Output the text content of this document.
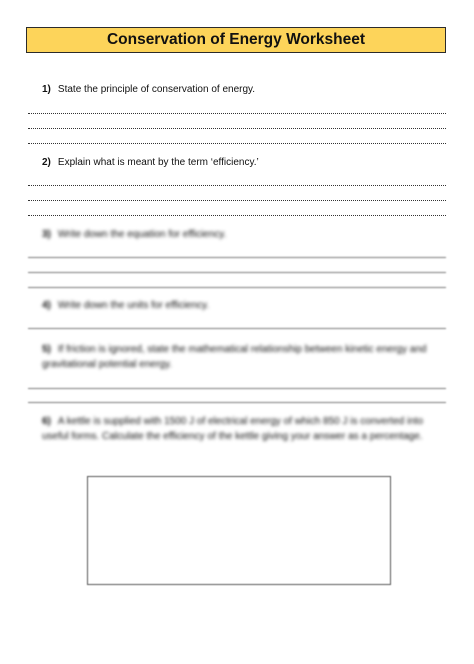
Conservation of Energy Worksheet
1) State the principle of conservation of energy.
2) Explain what is meant by the term ‘efficiency.’
3) Write down the equation for efficiency.
4) Write down the units for efficiency.
5) If friction is ignored, state the mathematical relationship between kinetic energy and gravitational potential energy.
6) A kettle is supplied with 1500 J of electrical energy of which 850 J is converted into useful forms. Calculate the efficiency of the kettle giving your answer as a percentage.
